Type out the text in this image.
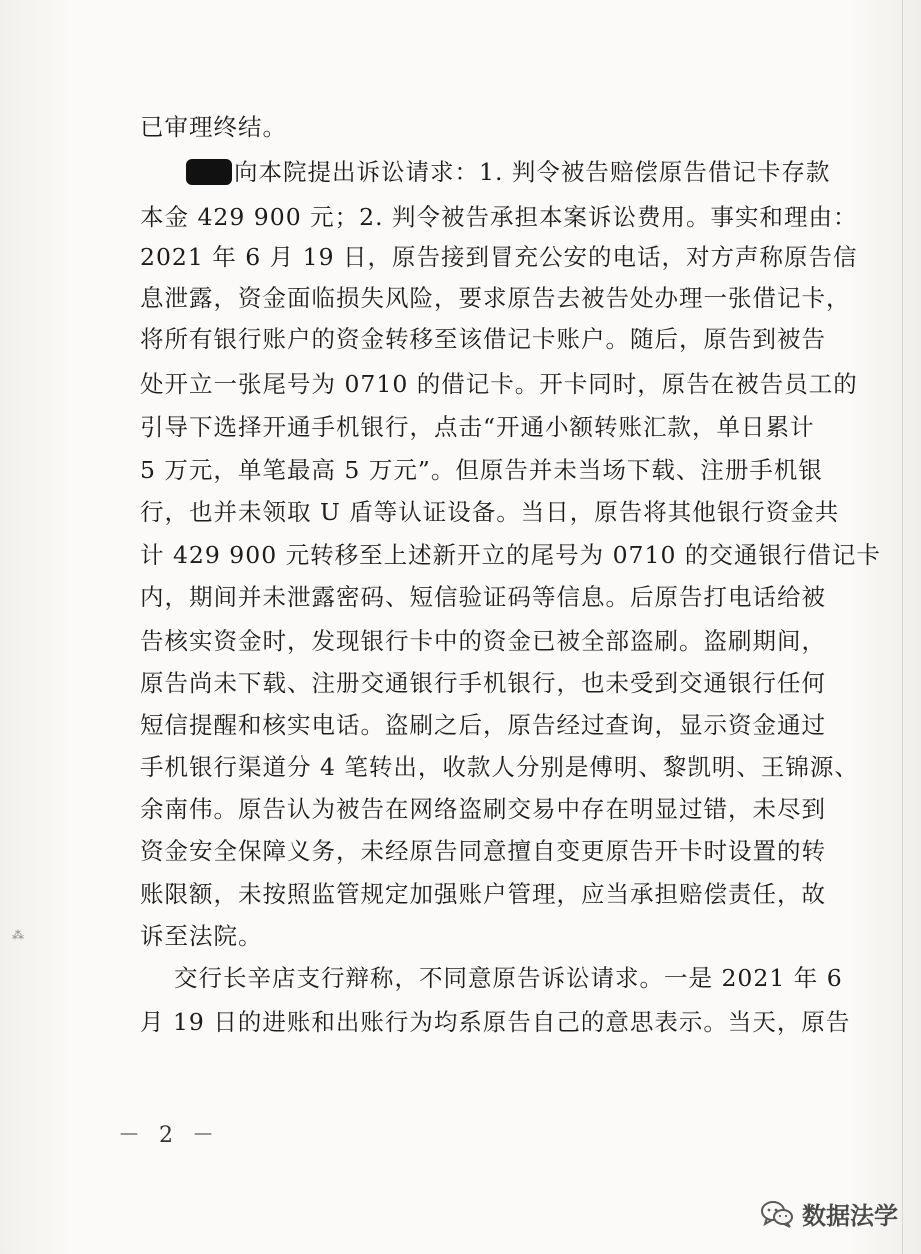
⁂
已审理终结。
向本院提出诉讼请求：1. 判令被告赔偿原告借记卡存款
本金 429 900 元；2. 判令被告承担本案诉讼费用。事实和理由：
2021 年 6 月 19 日，原告接到冒充公安的电话，对方声称原告信
息泄露，资金面临损失风险，要求原告去被告处办理一张借记卡，
将所有银行账户的资金转移至该借记卡账户。随后，原告到被告
处开立一张尾号为 0710 的借记卡。开卡同时，原告在被告员工的
引导下选择开通手机银行，点击“开通小额转账汇款，单日累计
5 万元，单笔最高 5 万元”。但原告并未当场下载、注册手机银
行，也并未领取 U 盾等认证设备。当日，原告将其他银行资金共
计 429 900 元转移至上述新开立的尾号为 0710 的交通银行借记卡
内，期间并未泄露密码、短信验证码等信息。后原告打电话给被
告核实资金时，发现银行卡中的资金已被全部盗刷。盗刷期间，
原告尚未下载、注册交通银行手机银行，也未受到交通银行任何
短信提醒和核实电话。盗刷之后，原告经过查询，显示资金通过
手机银行渠道分 4 笔转出，收款人分别是傅明、黎凯明、王锦源、
余南伟。原告认为被告在网络盗刷交易中存在明显过错，未尽到
资金安全保障义务，未经原告同意擅自变更原告开卡时设置的转
账限额，未按照监管规定加强账户管理，应当承担赔偿责任，故
诉至法院。
交行长辛店支行辩称，不同意原告诉讼请求。一是 2021 年 6
月 19 日的进账和出账行为均系原告自己的意思表示。当天，原告
－ 2 －
数据法学
